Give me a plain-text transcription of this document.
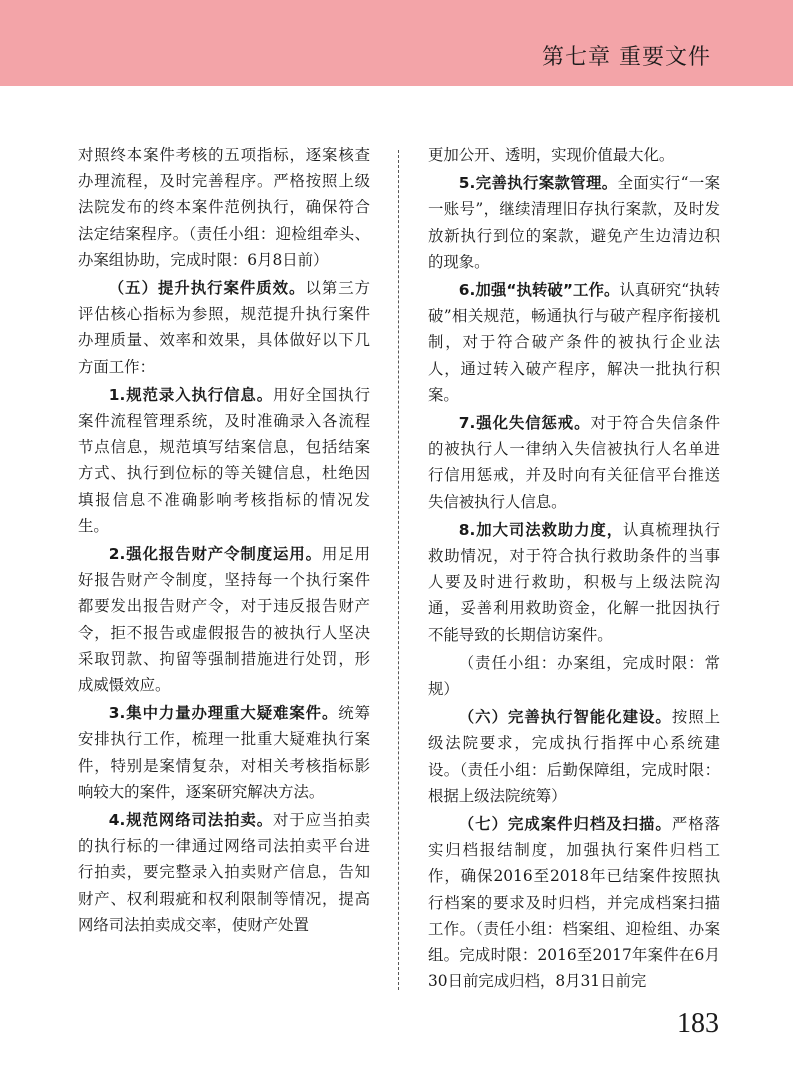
第七章 重要文件

对照终本案件考核的五项指标，逐案核查办理流程，及时完善程序。严格按照上级法院发布的终本案件范例执行，确保符合法定结案程序。（责任小组：迎检组牵头、办案组协助，完成时限：6月8日前）

（五）提升执行案件质效。以第三方评估核心指标为参照，规范提升执行案件办理质量、效率和效果，具体做好以下几方面工作：

1.规范录入执行信息。用好全国执行案件流程管理系统，及时准确录入各流程节点信息，规范填写结案信息，包括结案方式、执行到位标的等关键信息，杜绝因填报信息不准确影响考核指标的情况发生。

2.强化报告财产令制度运用。用足用好报告财产令制度，坚持每一个执行案件都要发出报告财产令，对于违反报告财产令，拒不报告或虚假报告的被执行人坚决采取罚款、拘留等强制措施进行处罚，形成威慑效应。

3.集中力量办理重大疑难案件。统筹安排执行工作，梳理一批重大疑难执行案件，特别是案情复杂，对相关考核指标影响较大的案件，逐案研究解决方法。

4.规范网络司法拍卖。对于应当拍卖的执行标的一律通过网络司法拍卖平台进行拍卖，要完整录入拍卖财产信息，告知财产、权利瑕疵和权利限制等情况，提高网络司法拍卖成交率，使财产处置

更加公开、透明，实现价值最大化。

5.完善执行案款管理。全面实行“一案一账号”，继续清理旧存执行案款，及时发放新执行到位的案款，避免产生边清边积的现象。

6.加强“执转破”工作。认真研究“执转破”相关规范，畅通执行与破产程序衔接机制，对于符合破产条件的被执行企业法人，通过转入破产程序，解决一批执行积案。

7.强化失信惩戒。对于符合失信条件的被执行人一律纳入失信被执行人名单进行信用惩戒，并及时向有关征信平台推送失信被执行人信息。

8.加大司法救助力度，认真梳理执行救助情况，对于符合执行救助条件的当事人要及时进行救助，积极与上级法院沟通，妥善利用救助资金，化解一批因执行不能导致的长期信访案件。

（责任小组：办案组，完成时限：常规）

（六）完善执行智能化建设。按照上级法院要求，完成执行指挥中心系统建设。（责任小组：后勤保障组，完成时限：根据上级法院统筹）

（七）完成案件归档及扫描。严格落实归档报结制度，加强执行案件归档工作，确保2016至2018年已结案件按照执行档案的要求及时归档，并完成档案扫描工作。（责任小组：档案组、迎检组、办案组。完成时限：2016至2017年案件在6月30日前完成归档，8月31日前完

183
